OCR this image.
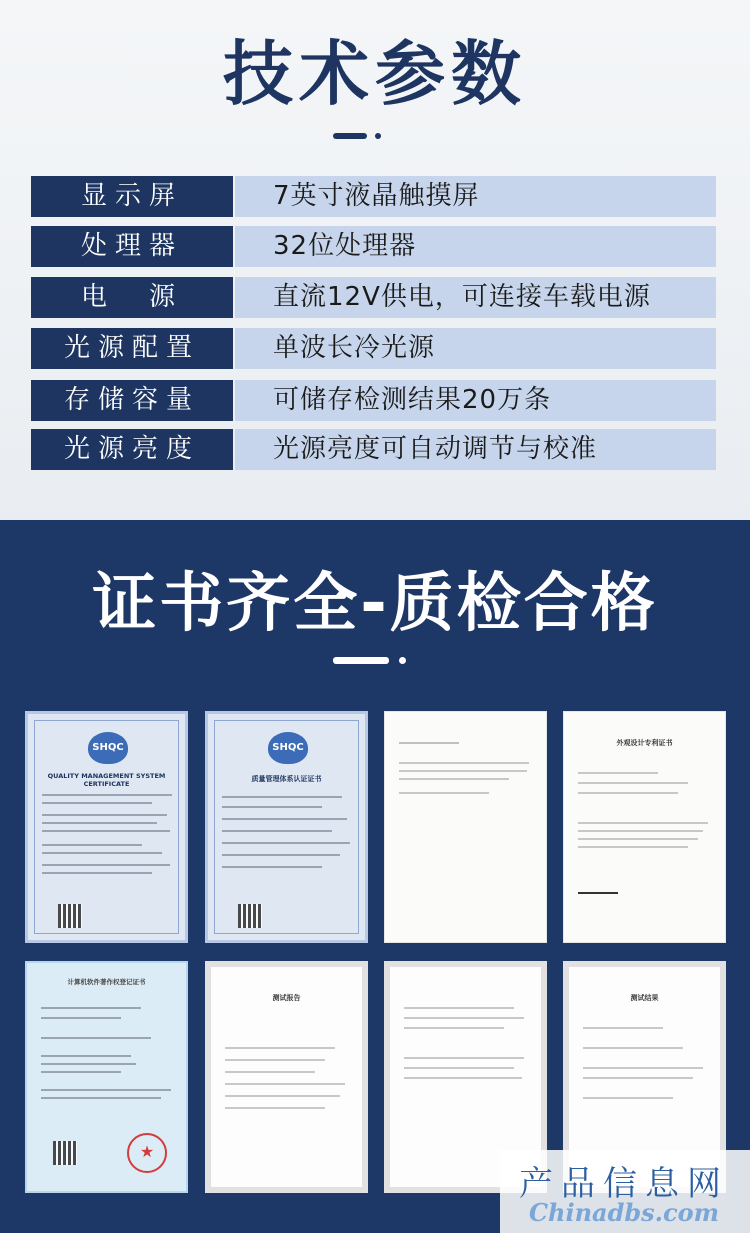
技术参数
显示屏	7英寸液晶触摸屏
处理器	32位处理器
电　源	直流12V供电，可连接车载电源
光源配置	单波长冷光源
存储容量	可储存检测结果20万条
光源亮度	光源亮度可自动调节与校准
证书齐全-质检合格
SHQC
QUALITY MANAGEMENT SYSTEM CERTIFICATE
SHQC
质量管理体系认证证书
外观设计专利证书
计算机软件著作权登记证书
★
测试报告	测试结果
产品信息网
Chinadbs.com
